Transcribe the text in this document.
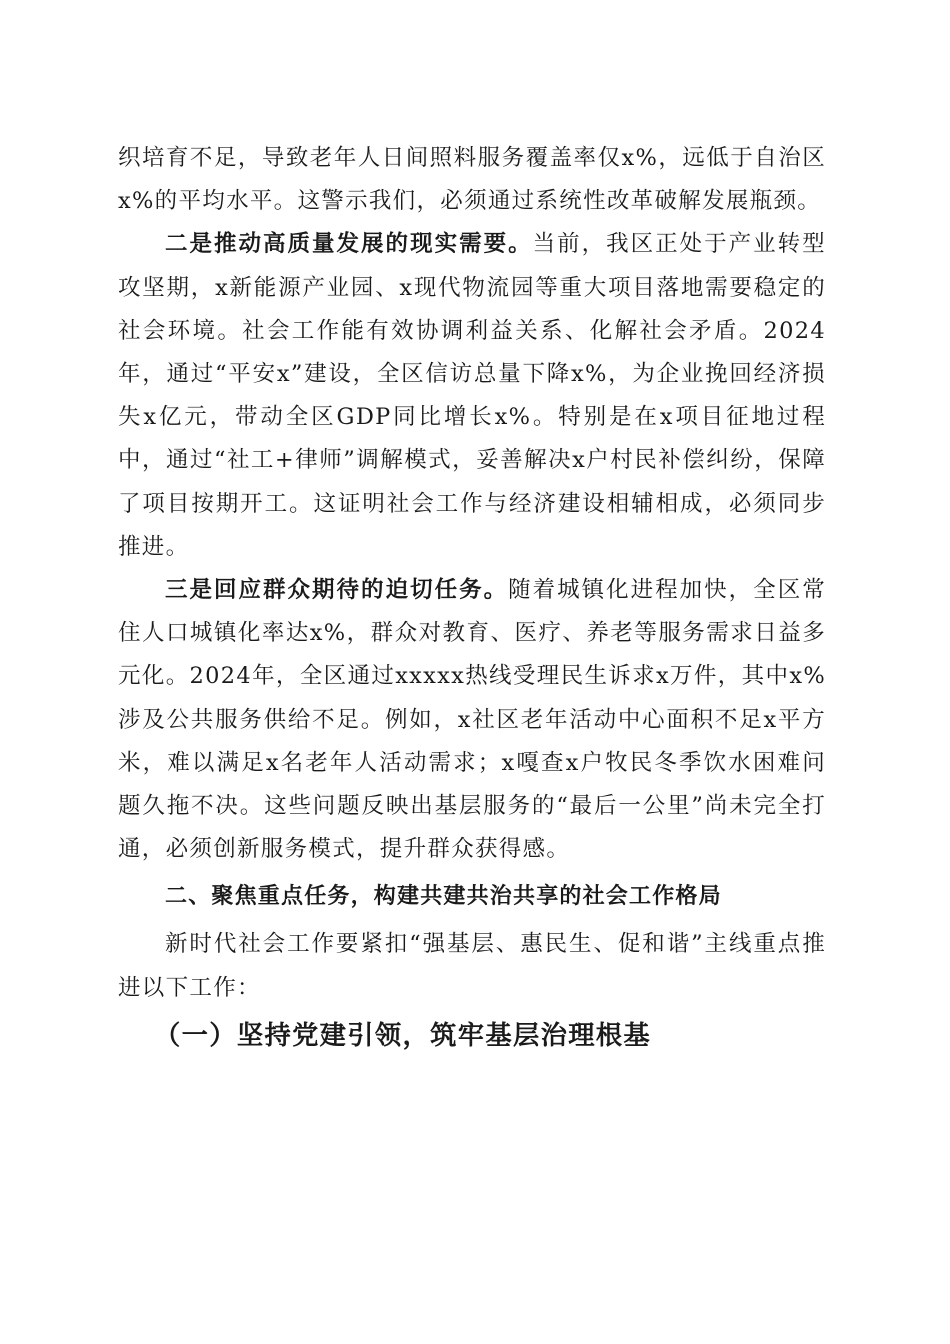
织培育不足，导致老年人日间照料服务覆盖率仅x%，远低于自治区x%的平均水平。这警示我们，必须通过系统性改革破解发展瓶颈。

二是推动高质量发展的现实需要。当前，我区正处于产业转型攻坚期，x新能源产业园、x现代物流园等重大项目落地需要稳定的社会环境。社会工作能有效协调利益关系、化解社会矛盾。2024年，通过“平安x”建设，全区信访总量下降x%，为企业挽回经济损失x亿元，带动全区GDP同比增长x%。特别是在x项目征地过程中，通过“社工+律师”调解模式，妥善解决x户村民补偿纠纷，保障了项目按期开工。这证明社会工作与经济建设相辅相成，必须同步推进。

三是回应群众期待的迫切任务。随着城镇化进程加快，全区常住人口城镇化率达x%，群众对教育、医疗、养老等服务需求日益多元化。2024年，全区通过xxxxx热线受理民生诉求x万件，其中x%涉及公共服务供给不足。例如，x社区老年活动中心面积不足x平方米，难以满足x名老年人活动需求；x嘎查x户牧民冬季饮水困难问题久拖不决。这些问题反映出基层服务的“最后一公里”尚未完全打通，必须创新服务模式，提升群众获得感。

二、聚焦重点任务，构建共建共治共享的社会工作格局

新时代社会工作要紧扣“强基层、惠民生、促和谐”主线重点推进以下工作：

（一）坚持党建引领，筑牢基层治理根基
